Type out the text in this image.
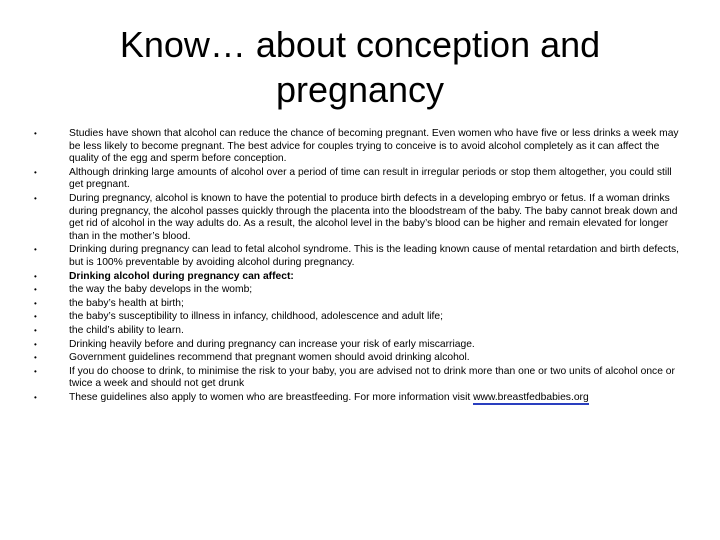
Know… about conception and pregnancy
•	Studies have shown that alcohol can reduce the chance of becoming pregnant. Even women who have five or less drinks a week may be less likely to become pregnant. The best advice for couples trying to conceive is to avoid alcohol completely as it can affect the quality of the egg and sperm before conception.
•	Although drinking large amounts of alcohol over a period of time can result in irregular periods or stop them altogether, you could still get pregnant.
•	During pregnancy, alcohol is known to have the potential to produce birth defects in a developing embryo or fetus. If a woman drinks during pregnancy, the alcohol passes quickly through the placenta into the bloodstream of the baby. The baby cannot break down and get rid of alcohol in the way adults do. As a result, the alcohol level in the baby’s blood can be higher and remain elevated for longer than in the mother’s blood.
•	Drinking during pregnancy can lead to fetal alcohol syndrome. This is the leading known cause of mental retardation and birth defects, but is 100% preventable by avoiding alcohol during pregnancy.
•	Drinking alcohol during pregnancy can affect:
•	the way the baby develops in the womb;
•	the baby’s health at birth;
•	the baby’s susceptibility to illness in infancy, childhood, adolescence and adult life;
•	the child’s ability to learn.
•	Drinking heavily before and during pregnancy can increase your risk of early miscarriage.
•	Government guidelines recommend that pregnant women should avoid drinking alcohol.
•	If you do choose to drink, to minimise the risk to your baby, you are advised not to drink more than one or two units of alcohol once or twice a week and should not get drunk
•	These guidelines also apply to women who are breastfeeding. For more information visit www.breastfedbabies.org
